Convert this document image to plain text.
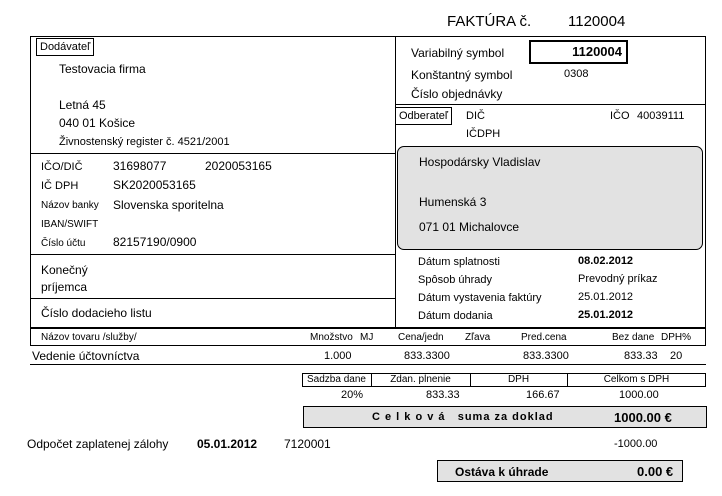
FAKTÚRA č. 1120004
Dodávateľ
Testovacia firma
Letná 45
040 01 Košice
Živnostenský register č. 4521/2001
IČO/DIČ	31698077	2020053165
IČ DPH	SK2020053165
Názov banky Slovenska sporitelna
IBAN/SWIFT
Číslo účtu 82157190/0900
Konečný
príjemca
Číslo dodacieho listu
Variabilný symbol	1120004
Konštantný symbol	0308
Číslo objednávky
Odberateľ	DIČ	IČO 40039111
IČDPH
Hospodársky Vladislav
Humenská 3
071 01 Michalovce
Dátum splatnosti	08.02.2012
Spôsob úhrady	Prevodný príkaz
Dátum vystavenia faktúry	25.01.2012
Dátum dodania	25.01.2012
Názov tovaru /služby/	Množstvo MJ Cena/jedn Zľava	Pred.cena	Bez dane DPH%
Vedenie účtovníctva	1.000	833.3300	833.3300	833.33 20
Sadzba dane	Zdan. plnenie	DPH	Celkom s DPH
20%	833.33	166.67	1000.00
C e l k o v á   suma za doklad	1000.00 €
Odpočet zaplatenej zálohy 05.01.2012 7120001	-1000.00
Ostáva k úhrade	0.00 €
